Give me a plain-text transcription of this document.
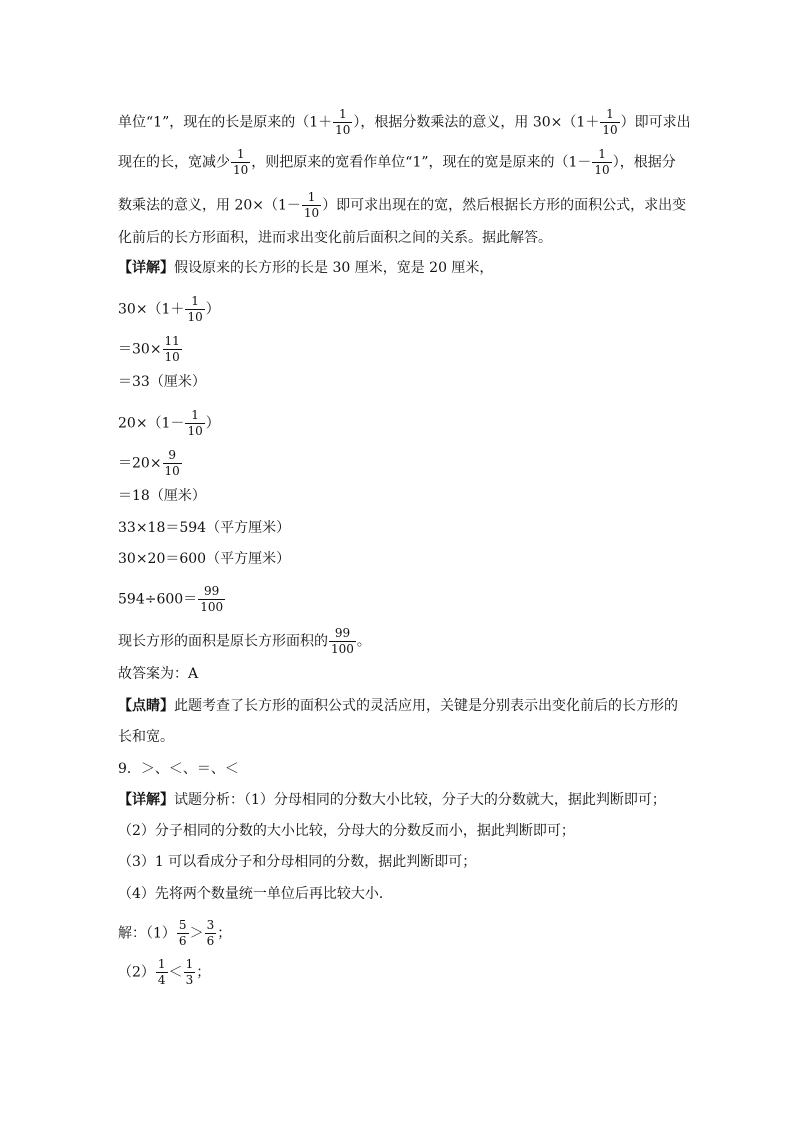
单位“1”，现在的长是原来的（$1+ \frac{1}{10}$ ），根据分数乘法的意义，用 $30\times(1+ \frac{1}{10}$ ）即可求出
现在的长，宽减少 $\frac{1}{10}$ ，则把原来的宽看作单位“1”，现在的宽是原来的（$1- \frac{1}{10}$ ），根据分
数乘法的意义，用 $20\times(1- \frac{1}{10}$ ）即可求出现在的宽，然后根据长方形的面积公式，求出变
化前后的长方形面积，进而求出变化前后面积之间的关系。据此解答。
【详解】假设原来的长方形的长是 30 厘米，宽是 20 厘米，
$30\times(1+ \frac{1}{10}$ ）
$=30\times \frac{11}{10}$
＝33（厘米）
$20\times(1- \frac{1}{10}$ ）
$=20\times \frac{9}{10}$
＝18（厘米）
33×18＝594（平方厘米）
30×20＝600（平方厘米）
$594\div 600= \frac{99}{100}$
现长方形的面积是原长方形面积的 $\frac{99}{100}$ 。
故答案为：A
【点睛】此题考查了长方形的面积公式的灵活应用，关键是分别表示出变化前后的长方形的
长和宽。
9．＞、＜、＝、＜
【详解】试题分析：（1）分母相同的分数大小比较，分子大的分数就大，据此判断即可；
（2）分子相同的分数的大小比较，分母大的分数反而小，据此判断即可；
（3）1 可以看成分子和分母相同的分数，据此判断即可；
（4）先将两个数量统一单位后再比较大小．
解：$(1) \frac{5}{6} > \frac{3}{6}$ ；
$(2) \frac{1}{4} < \frac{1}{3}$ ；
